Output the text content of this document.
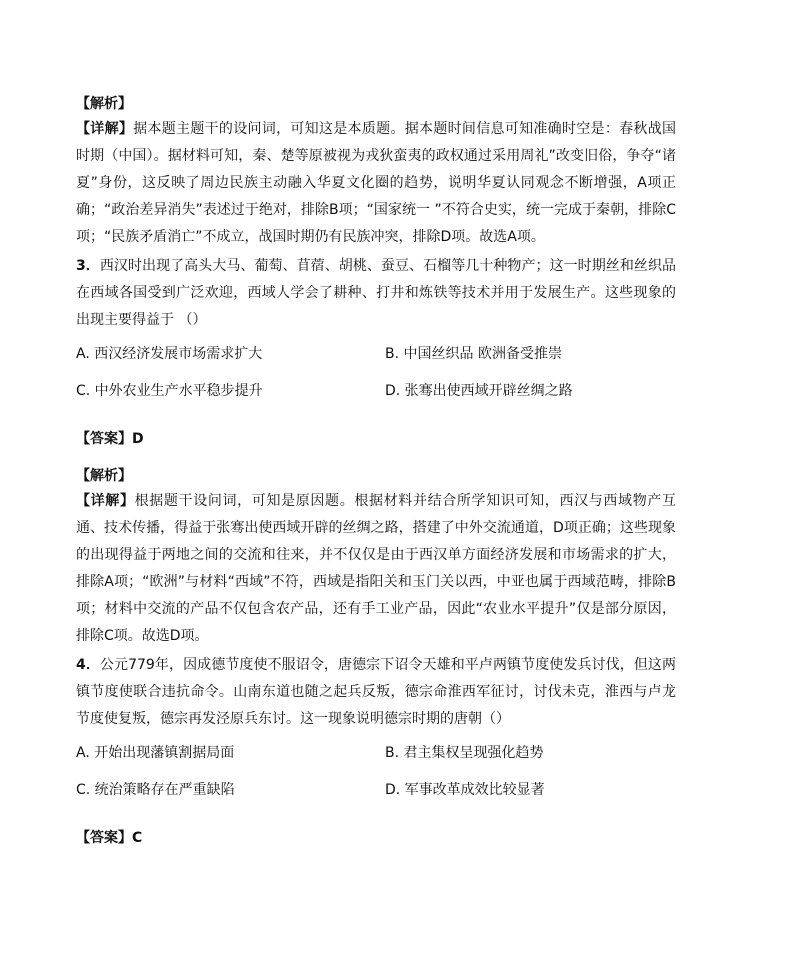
【解析】
【详解】据本题主题干的设问词，可知这是本质题。据本题时间信息可知准确时空是：春秋战国时期（中国）。据材料可知，秦、楚等原被视为戎狄蛮夷的政权通过采用周礼”改变旧俗，争夺“诸夏”身份，这反映了周边民族主动融入华夏文化圈的趋势，说明华夏认同观念不断增强，A项正确；“政治差异消失”表述过于绝对，排除B项；“国家统一 ”不符合史实，统一完成于秦朝，排除C项；“民族矛盾消亡”不成立，战国时期仍有民族冲突，排除D项。故选A项。
3．西汉时出现了高头大马、葡萄、苜蓿、胡桃、蚕豆、石榴等几十种物产；这一时期丝和丝织品在西域各国受到广泛欢迎，西域人学会了耕种、打井和炼铁等技术并用于发展生产。这些现象的出现主要得益于 （）
A. 西汉经济发展市场需求扩大	B. 中国丝织品 欧洲备受推崇
C. 中外农业生产水平稳步提升	D. 张骞出使西域开辟丝绸之路
【答案】D
【解析】
【详解】根据题干设问词，可知是原因题。根据材料并结合所学知识可知，西汉与西域物产互通、技术传播，得益于张骞出使西域开辟的丝绸之路，搭建了中外交流通道，D项正确；这些现象的出现得益于两地之间的交流和往来，并不仅仅是由于西汉单方面经济发展和市场需求的扩大，排除A项；“欧洲”与材料“西域”不符，西域是指阳关和玉门关以西，中亚也属于西域范畴，排除B项；材料中交流的产品不仅包含农产品，还有手工业产品，因此“农业水平提升”仅是部分原因，排除C项。故选D项。
4．公元779年，因成德节度使不服诏令，唐德宗下诏令天雄和平卢两镇节度使发兵讨伐，但这两镇节度使联合违抗命令。山南东道也随之起兵反叛，德宗命淮西军征讨，讨伐未克，淮西与卢龙节度使复叛，德宗再发泾原兵东讨。这一现象说明德宗时期的唐朝（）
A. 开始出现藩镇割据局面	B. 君主集权呈现强化趋势
C. 统治策略存在严重缺陷	D. 军事改革成效比较显著
【答案】C
